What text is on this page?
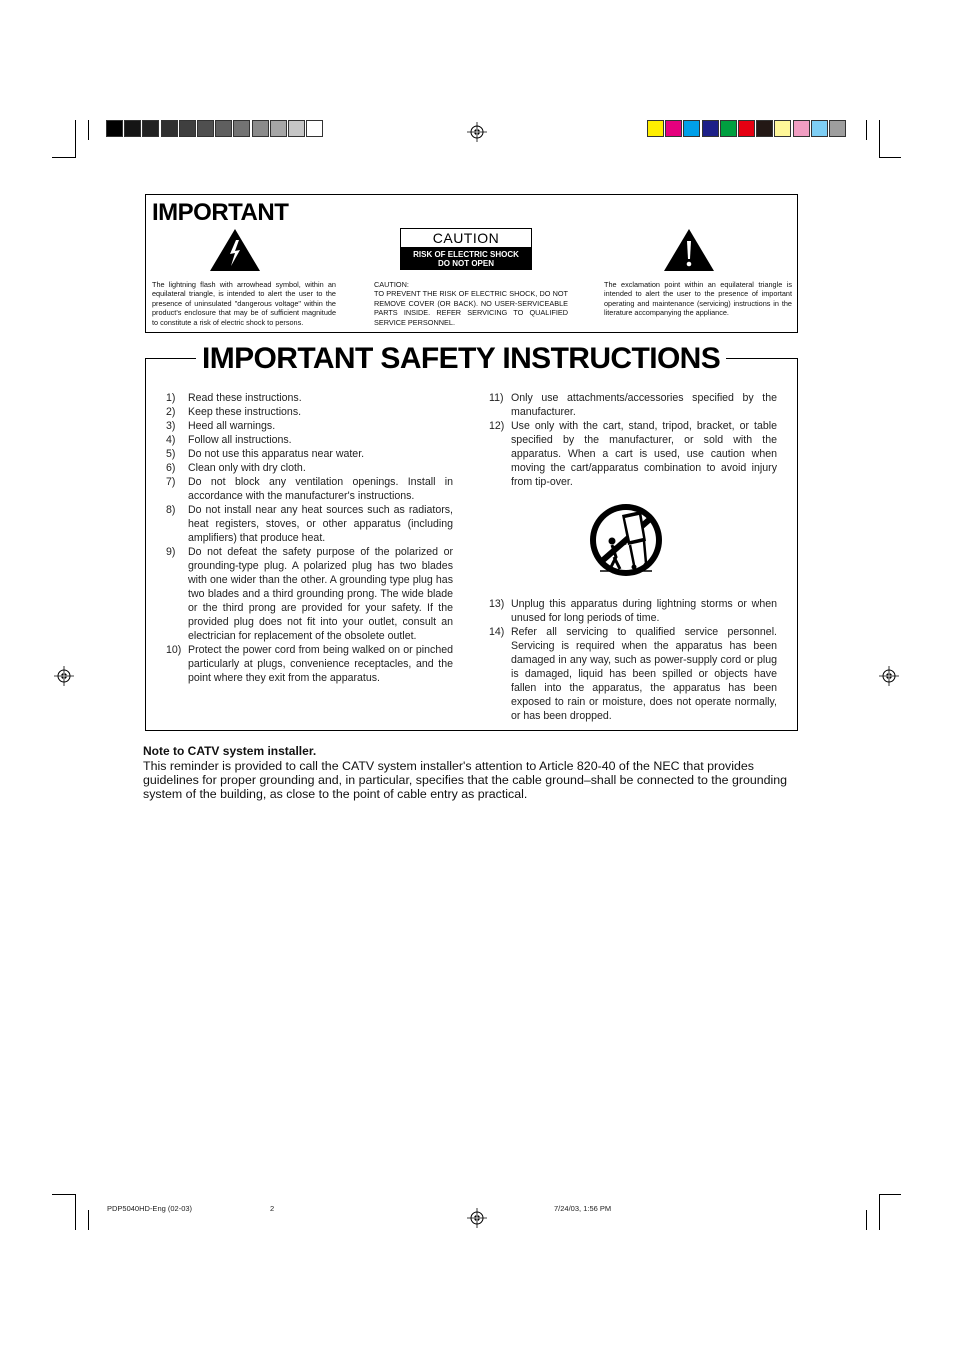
IMPORTANT
The lightning flash with arrowhead symbol, within an equilateral triangle, is intended to alert the user to the presence of uninsulated "dangerous voltage" within the product's enclosure that may be of sufficient magnitude to constitute a risk of electric shock to persons.
CAUTION
RISK OF ELECTRIC SHOCK
DO NOT OPEN
CAUTION:
TO PREVENT THE RISK OF ELECTRIC SHOCK, DO NOT REMOVE COVER (OR BACK). NO USER-SERVICEABLE PARTS INSIDE. REFER SERVICING TO QUALIFIED SERVICE PERSONNEL.
The exclamation point within an equilateral triangle is intended to alert the user to the presence of important operating and maintenance (servicing) instructions in the literature accompanying the appliance.
IMPORTANT SAFETY INSTRUCTIONS
1)	Read these instructions.
2)	Keep these instructions.
3)	Heed all warnings.
4)	Follow all instructions.
5)	Do not use this apparatus near water.
6)	Clean only with dry cloth.
7)	Do not block any ventilation openings. Install in accordance with the manufacturer's instructions.
8)	Do not install near any heat sources such as radiators, heat registers, stoves, or other apparatus (including amplifiers) that produce heat.
9)	Do not defeat the safety purpose of the polarized or grounding-type plug. A polarized plug has two blades with one wider than the other. A grounding type plug has two blades and a third grounding prong. The wide blade or the third prong are provided for your safety. If the provided plug does not fit into your outlet, consult an electrician for replacement of the obsolete outlet.
10) Protect the power cord from being walked on or pinched particularly at plugs, convenience receptacles, and the point where they exit from the apparatus.
11) Only use attachments/accessories specified by the manufacturer.
12) Use only with the cart, stand, tripod, bracket, or table specified by the manufacturer, or sold with the apparatus. When a cart is used, use caution when moving the cart/apparatus combination to avoid injury from tip-over.
13) Unplug this apparatus during lightning storms or when unused for long periods of time.
14) Refer all servicing to qualified service personnel. Servicing is required when the apparatus has been damaged in any way, such as power-supply cord or plug is damaged, liquid has been spilled or objects have fallen into the apparatus, the apparatus has been exposed to rain or moisture, does not operate normally, or has been dropped.
Note to CATV system installer.
This reminder is provided to call the CATV system installer's attention to Article 820-40 of the NEC that provides guidelines for proper grounding and, in particular, specifies that the cable ground–shall be connected to the grounding system of the building, as close to the point of cable entry as practical.
PDP5040HD-Eng (02-03)	2	7/24/03, 1:56 PM
